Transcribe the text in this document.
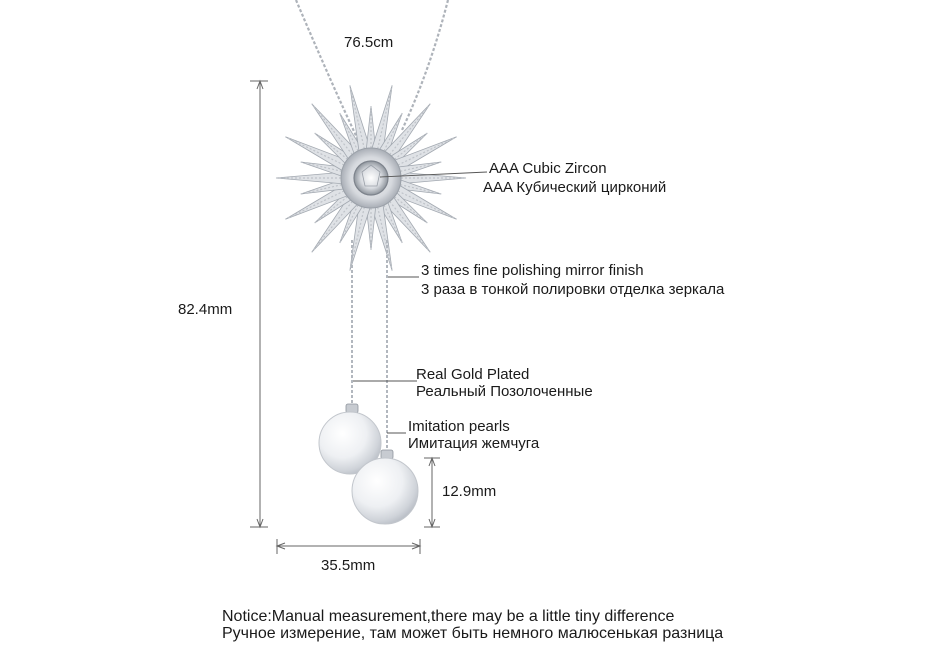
76.5cm
82.4mm
12.9mm
35.5mm
AAA Cubic Zircon
AAA Кубический цирконий
3 times fine polishing mirror finish
3 раза в тонкой полировки отделка зеркала
Real Gold Plated
Реальный Позолоченные
Imitation pearls
Имитация жемчуга
Notice:Manual measurement,there may be a little tiny difference
Ручное измерение, там может быть немного малюсенькая разница
